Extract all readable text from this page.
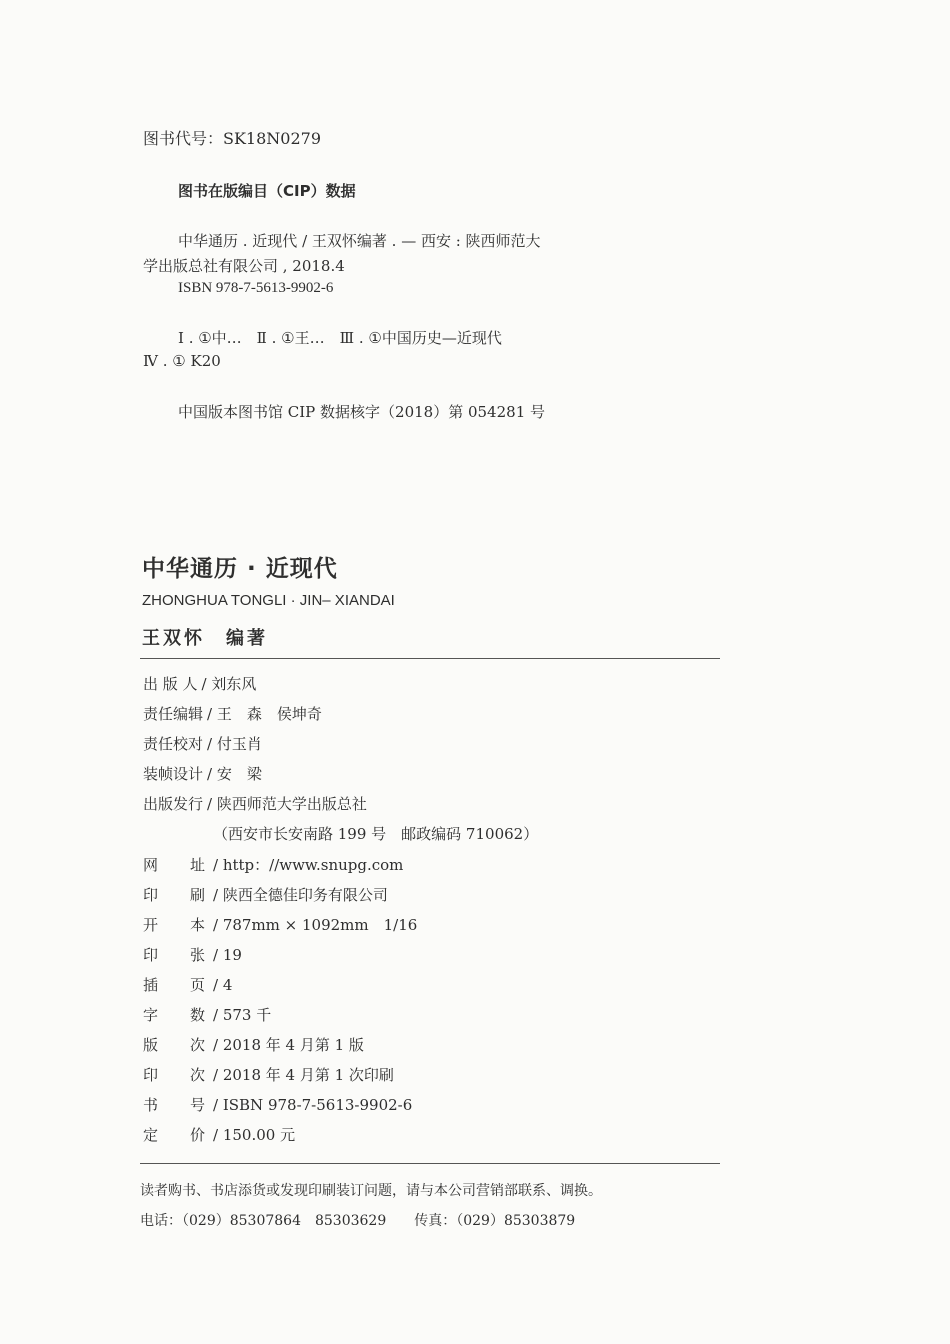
图书代号：SK18N0279
图书在版编目（CIP）数据
中华通历 . 近现代 / 王双怀编著 . — 西安 : 陕西师范大
学出版总社有限公司 , 2018.4
ISBN 978-7-5613-9902-6
Ⅰ . ①中…　Ⅱ . ①王…　Ⅲ . ①中国历史—近现代
Ⅳ . ① K20
中国版本图书馆 CIP 数据核字（2018）第 054281 号
中华通历 · 近现代
ZHONGHUA TONGLI · JIN– XIANDAI
王双怀　编著
出 版 人 / 刘东风
责任编辑 / 王　森　侯坤奇
责任校对 / 付玉肖
装帧设计 / 安　梁
出版发行 / 陕西师范大学出版总社
（西安市长安南路 199 号　邮政编码 710062）
网 址 / http：//www.snupg.com
印 刷 / 陕西全德佳印务有限公司
开 本 / 787mm × 1092mm　1/16
印 张 / 19
插 页 / 4
字 数 / 573 千
版 次 / 2018 年 4 月第 1 版
印 次 / 2018 年 4 月第 1 次印刷
书 号 / ISBN 978-7-5613-9902-6
定 价 / 150.00 元
读者购书、书店添货或发现印刷装订问题，请与本公司营销部联系、调换。
电话：（029）85307864　85303629　　传真：（029）85303879
